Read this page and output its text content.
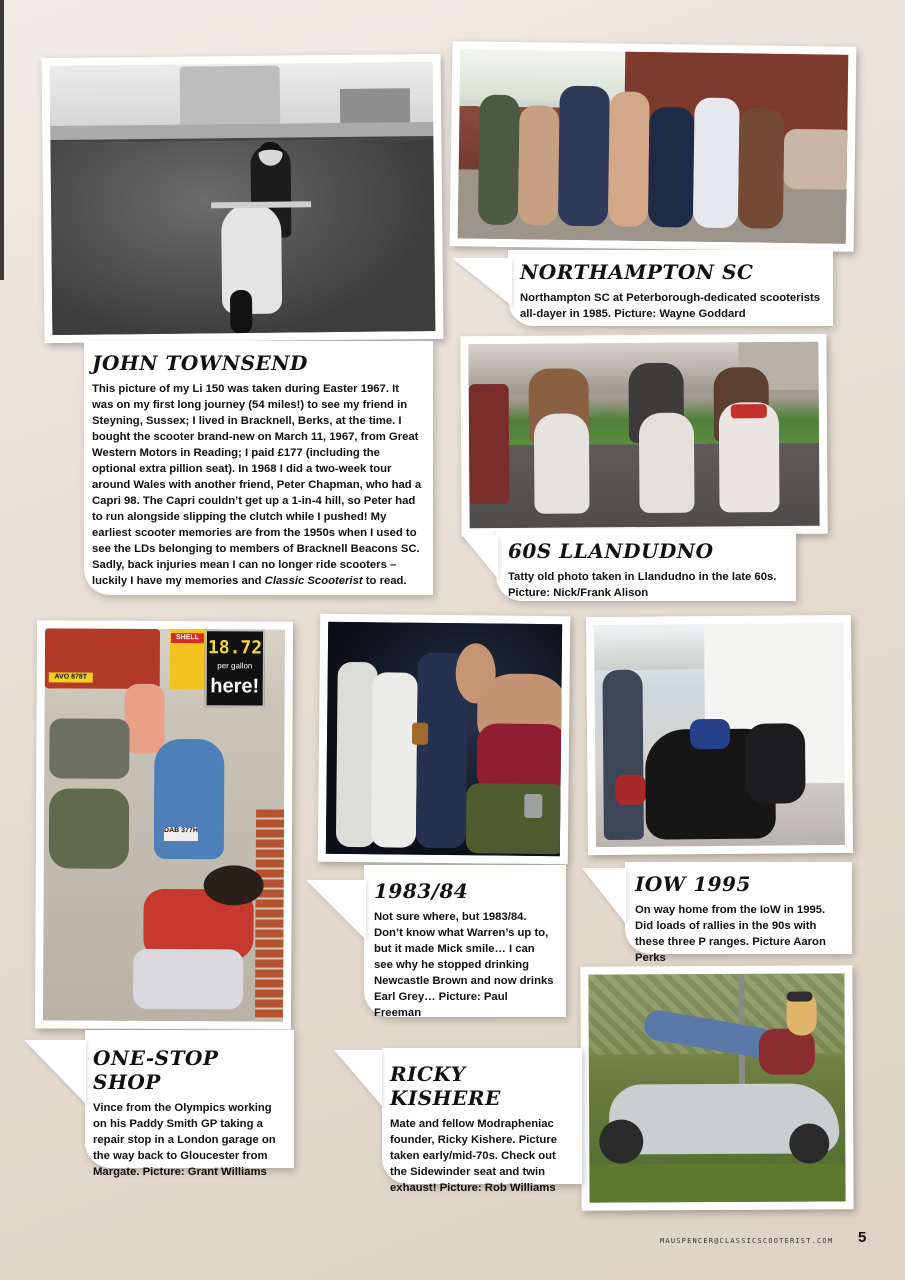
AVO 878T
SHELL 18.72
per gallon
here!
DAB 377H
JOHN TOWNSEND

This picture of my Li 150 was taken during Easter 1967. It was on my first long journey (54 miles!) to see my friend in Steyning, Sussex; I lived in Bracknell, Berks, at the time. I bought the scooter brand-new on March 11, 1967, from Great Western Motors in Reading; I paid £177 (including the optional extra pillion seat). In 1968 I did a two-week tour around Wales with another friend, Peter Chapman, who had a Capri 98. The Capri couldn’t get up a 1-in-4 hill, so Peter had to run alongside slipping the clutch while I pushed! My earliest scooter memories are from the 1950s when I used to see the LDs belonging to members of Bracknell Beacons SC. Sadly, back injuries mean I can no longer ride scooters – luckily I have my memories and Classic Scooterist to read.

NORTHAMPTON SC

Northampton SC at Peterborough-dedicated scooterists all-dayer in 1985. Picture: Wayne Goddard

60S LLANDUDNO

Tatty old photo taken in Llandudno in the late 60s. Picture: Nick/Frank Alison

1983/84

Not sure where, but 1983/84. Don’t know what Warren’s up to, but it made Mick smile… I can see why he stopped drinking Newcastle Brown and now drinks Earl Grey… Picture: Paul Freeman

IOW 1995

On way home from the IoW in 1995. Did loads of rallies in the 90s with these three P ranges. Picture Aaron Perks

ONE-STOP SHOP

Vince from the Olympics working on his Paddy Smith GP taking a repair stop in a London garage on the way back to Gloucester from Margate. Picture: Grant Williams

RICKY KISHERE

Mate and fellow Modrapheniac founder, Ricky Kishere. Picture taken early/mid-70s. Check out the Sidewinder seat and twin exhaust! Picture: Rob Williams

MAUSPENCER@CLASSICSCOOTERIST.COM 5
